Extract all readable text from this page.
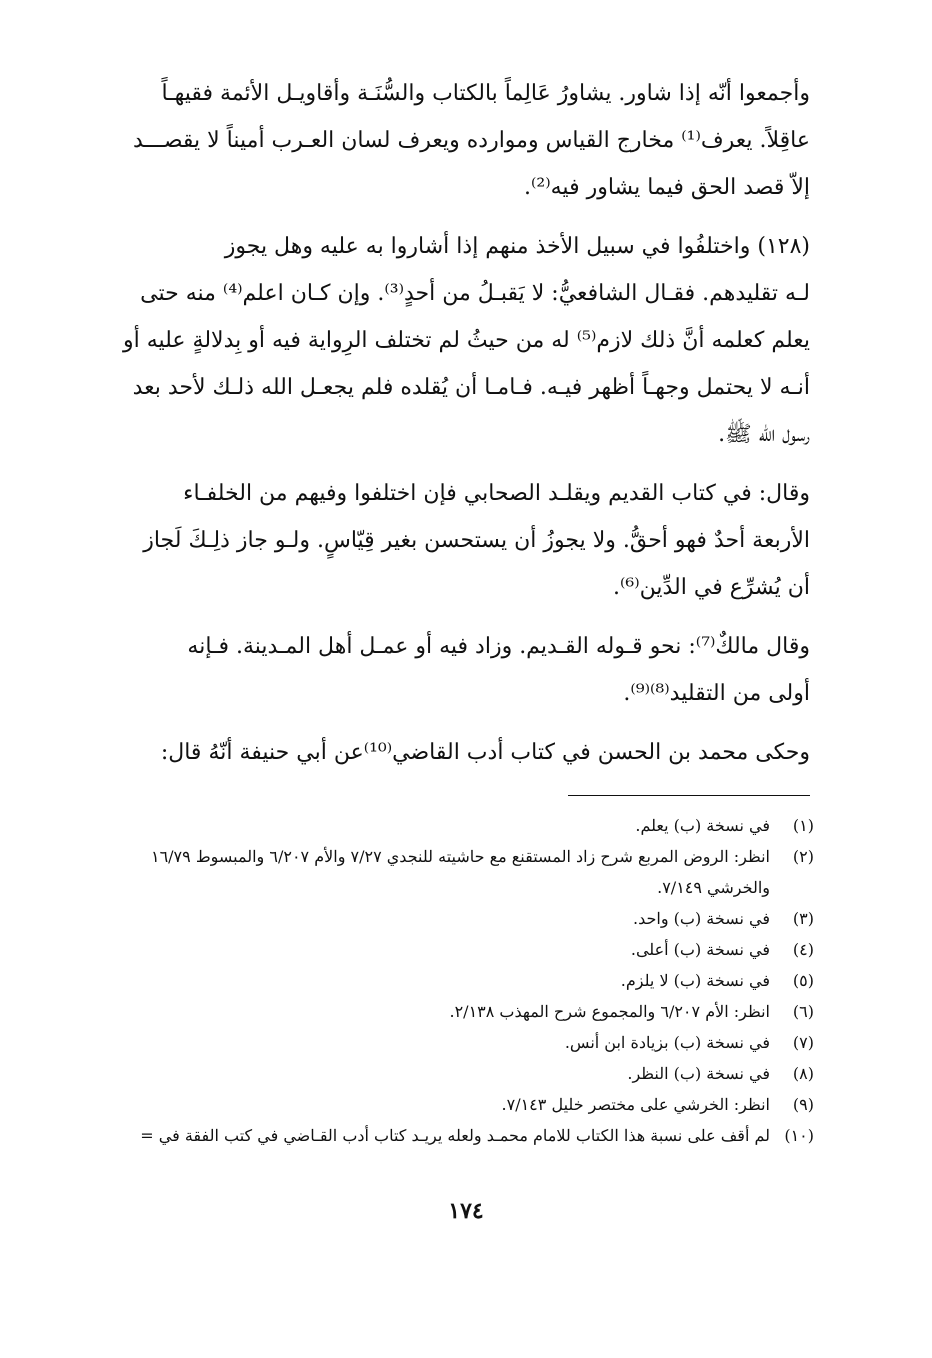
وأجمعوا أنّه إذا شاور. يشاورُ عَالِماً بالكتاب والسُّنَـة وأقاويـل الأئمة فقيهـاً

عاقِلاً. يعرف⁽¹⁾ مخارج القياس وموارده ويعرف لسان العـرب أميناً لا يقصـــد

إلاّ قصد الحق فيما يشاور فيه⁽²⁾.

(١٢٨) واختلفُوا في سبيل الأخذ منهم إذا أشاروا به عليه وهل يجوز

لـه تقليدهم. فقـال الشافعيُّ: لا يَقبـلُ من أحدٍ⁽³⁾. وإن كـان اعلم⁽⁴⁾ منه حتى

يعلم كعلمه أنَّ ذلك لازم⁽⁵⁾ له من حيثُ لم تختلف الرِواية فيه أو بِدلالةٍ عليه أو

أنـه لا يحتمل وجهـاً أظهر فيـه. فـامـا أن يُقلده فلم يجعـل الله ذلـك لأحد بعد

رسول الله ﷺ.

وقال: في كتاب القديم ويقلـد الصحابي فإن اختلفوا وفيهم من الخلفـاء

الأربعة أحدٌ فهو أحقُّ. ولا يجوزُ أن يستحسن بغير قِيّاسٍ. ولـو جاز ذلِـكَ لَجاز

أن يُشرِّع في الدِّين⁽⁶⁾.

وقال مالكٌ⁽⁷⁾: نحو قـوله القـديم. وزاد فيه أو عمـل أهل المـدينة. فـإنه

أولى من التقليد⁽⁸⁾⁽⁹⁾.

وحكى محمد بن الحسن في كتاب أدب القاضي⁽¹⁰⁾عن أبي حنيفة أنّهُ قال:

(١)
في نسخة (ب) يعلم.
(٢)
انظر: الروض المربع شرح زاد المستقنع مع حاشيته للنجدي ٧/٢٧ والأم ٦/٢٠٧ والمبسوط ١٦/٧٩ والخرشي ٧/١٤٩.
(٣)
في نسخة (ب) واحد.
(٤)
في نسخة (ب) أعلى.
(٥)
في نسخة (ب) لا يلزم.
(٦)
انظر: الأم ٦/٢٠٧ والمجموع شرح المهذب ٢/١٣٨.
(٧)
في نسخة (ب) بزيادة ابن أنس.
(٨)
في نسخة (ب) النظر.
(٩)
انظر: الخرشي على مختصر خليل ٧/١٤٣.
(١٠)
لم أقف على نسبة هذا الكتاب للامام محمـد ولعله يريـد كتاب أدب القـاضي في كتب الفقة في =
١٧٤
